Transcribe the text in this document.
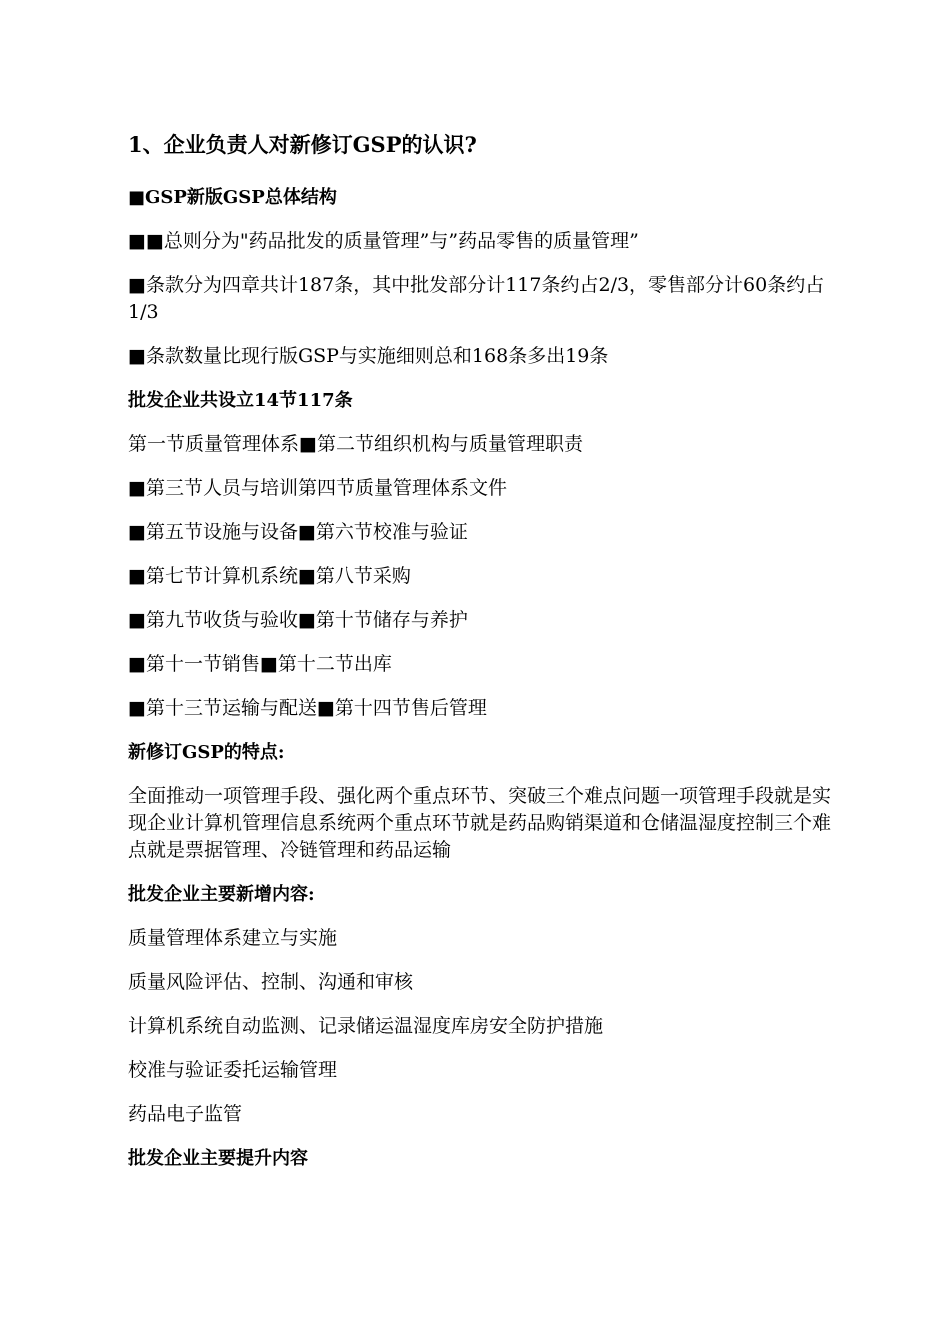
1、企业负责人对新修订GSP的认识?
■GSP新版GSP总体结构
■■总则分为"药品批发的质量管理”与”药品零售的质量管理”
■条款分为四章共计187条，其中批发部分计117条约占2/3，零售部分计60条约占1/3
■条款数量比现行版GSP与实施细则总和168条多出19条
批发企业共设立14节117条
第一节质量管理体系■第二节组织机构与质量管理职责
■第三节人员与培训第四节质量管理体系文件
■第五节设施与设备■第六节校准与验证
■第七节计算机系统■第八节采购
■第九节收货与验收■第十节储存与养护
■第十一节销售■第十二节出库
■第十三节运输与配送■第十四节售后管理
新修订GSP的特点:
全面推动一项管理手段、强化两个重点环节、突破三个难点问题一项管理手段就是实现企业计算机管理信息系统两个重点环节就是药品购销渠道和仓储温湿度控制三个难点就是票据管理、冷链管理和药品运输
批发企业主要新增内容:
质量管理体系建立与实施
质量风险评估、控制、沟通和审核
计算机系统自动监测、记录储运温湿度库房安全防护措施
校准与验证委托运输管理
药品电子监管
批发企业主要提升内容
